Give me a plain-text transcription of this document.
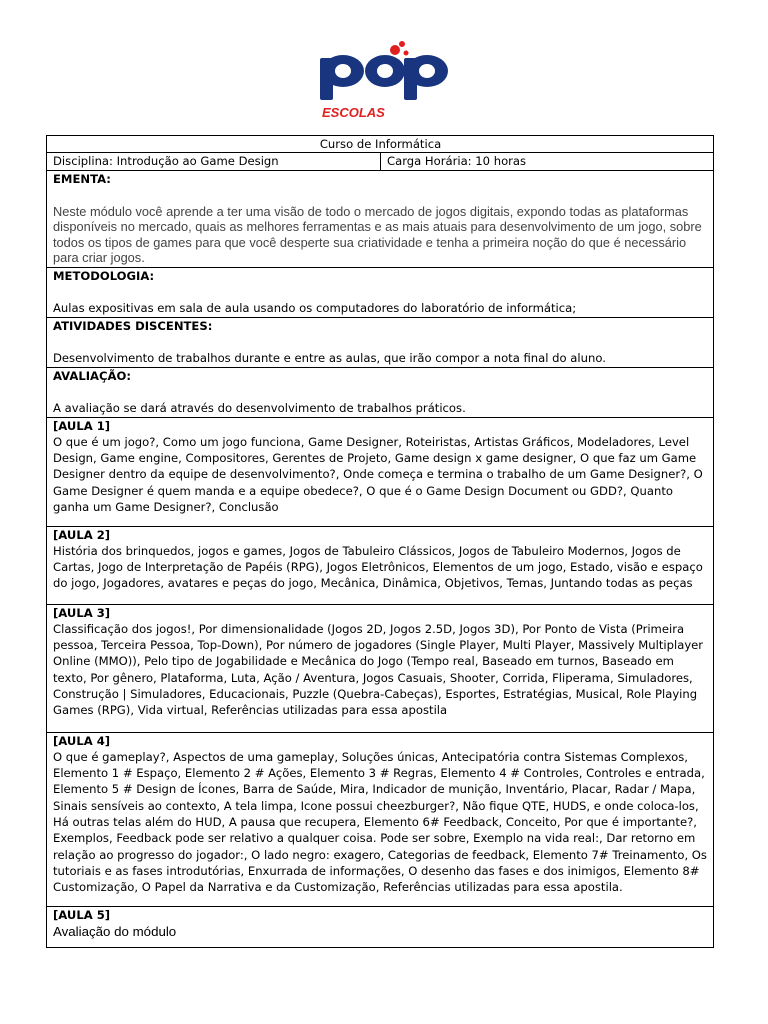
ESCOLAS
Curso de Informática
Disciplina: Introdução ao Game Design	Carga Horária: 10 horas

EMENTA:
Neste módulo você aprende a ter uma visão de todo o mercado de jogos digitais, expondo todas as plataformas disponíveis no mercado, quais as melhores ferramentas e as mais atuais para desenvolvimento de um jogo, sobre todos os tipos de games para que você desperte sua criatividade e tenha a primeira noção do que é necessário para criar jogos.

METODOLOGIA:
Aulas expositivas em sala de aula usando os computadores do laboratório de informática;

ATIVIDADES DISCENTES:
Desenvolvimento de trabalhos durante e entre as aulas, que irão compor a nota final do aluno.

AVALIAÇÃO:
A avaliação se dará através do desenvolvimento de trabalhos práticos.

[AULA 1]
O que é um jogo?, Como um jogo funciona, Game Designer, Roteiristas, Artistas Gráficos, Modeladores, Level Design, Game engine, Compositores, Gerentes de Projeto, Game design x game designer, O que faz um Game Designer dentro da equipe de desenvolvimento?, Onde começa e termina o trabalho de um Game Designer?, O Game Designer é quem manda e a equipe obedece?, O que é o Game Design Document ou GDD?, Quanto ganha um Game Designer?, Conclusão

[AULA 2]
História dos brinquedos, jogos e games, Jogos de Tabuleiro Clássicos, Jogos de Tabuleiro Modernos, Jogos de Cartas, Jogo de Interpretação de Papéis (RPG), Jogos Eletrônicos, Elementos de um jogo, Estado, visão e espaço do jogo, Jogadores, avatares e peças do jogo, Mecânica, Dinâmica, Objetivos, Temas, Juntando todas as peças

[AULA 3]
Classificação dos jogos!, Por dimensionalidade (Jogos 2D, Jogos 2.5D, Jogos 3D), Por Ponto de Vista (Primeira pessoa, Terceira Pessoa, Top-Down), Por número de jogadores (Single Player, Multi Player, Massively Multiplayer Online (MMO)), Pelo tipo de Jogabilidade e Mecânica do Jogo (Tempo real, Baseado em turnos, Baseado em texto, Por gênero, Plataforma, Luta, Ação / Aventura, Jogos Casuais, Shooter, Corrida, Fliperama, Simuladores, Construção | Simuladores, Educacionais, Puzzle (Quebra-Cabeças), Esportes, Estratégias, Musical, Role Playing Games (RPG), Vida virtual, Referências utilizadas para essa apostila

[AULA 4]
O que é gameplay?, Aspectos de uma gameplay, Soluções únicas, Antecipatória contra Sistemas Complexos, Elemento 1 # Espaço, Elemento 2 # Ações, Elemento 3 # Regras, Elemento 4 # Controles, Controles e entrada, Elemento 5 # Design de Ícones, Barra de Saúde, Mira, Indicador de munição, Inventário, Placar, Radar / Mapa, Sinais sensíveis ao contexto, A tela limpa, Icone possui cheezburger?, Não fique QTE, HUDS, e onde coloca-los, Há outras telas além do HUD, A pausa que recupera, Elemento 6# Feedback, Conceito, Por que é importante?, Exemplos, Feedback pode ser relativo a qualquer coisa. Pode ser sobre, Exemplo na vida real:, Dar retorno em relação ao progresso do jogador:, O lado negro: exagero, Categorias de feedback, Elemento 7# Treinamento, Os tutoriais e as fases introdutórias, Enxurrada de informações, O desenho das fases e dos inimigos, Elemento 8# Customização, O Papel da Narrativa e da Customização, Referências utilizadas para essa apostila.

[AULA 5]
Avaliação do módulo
